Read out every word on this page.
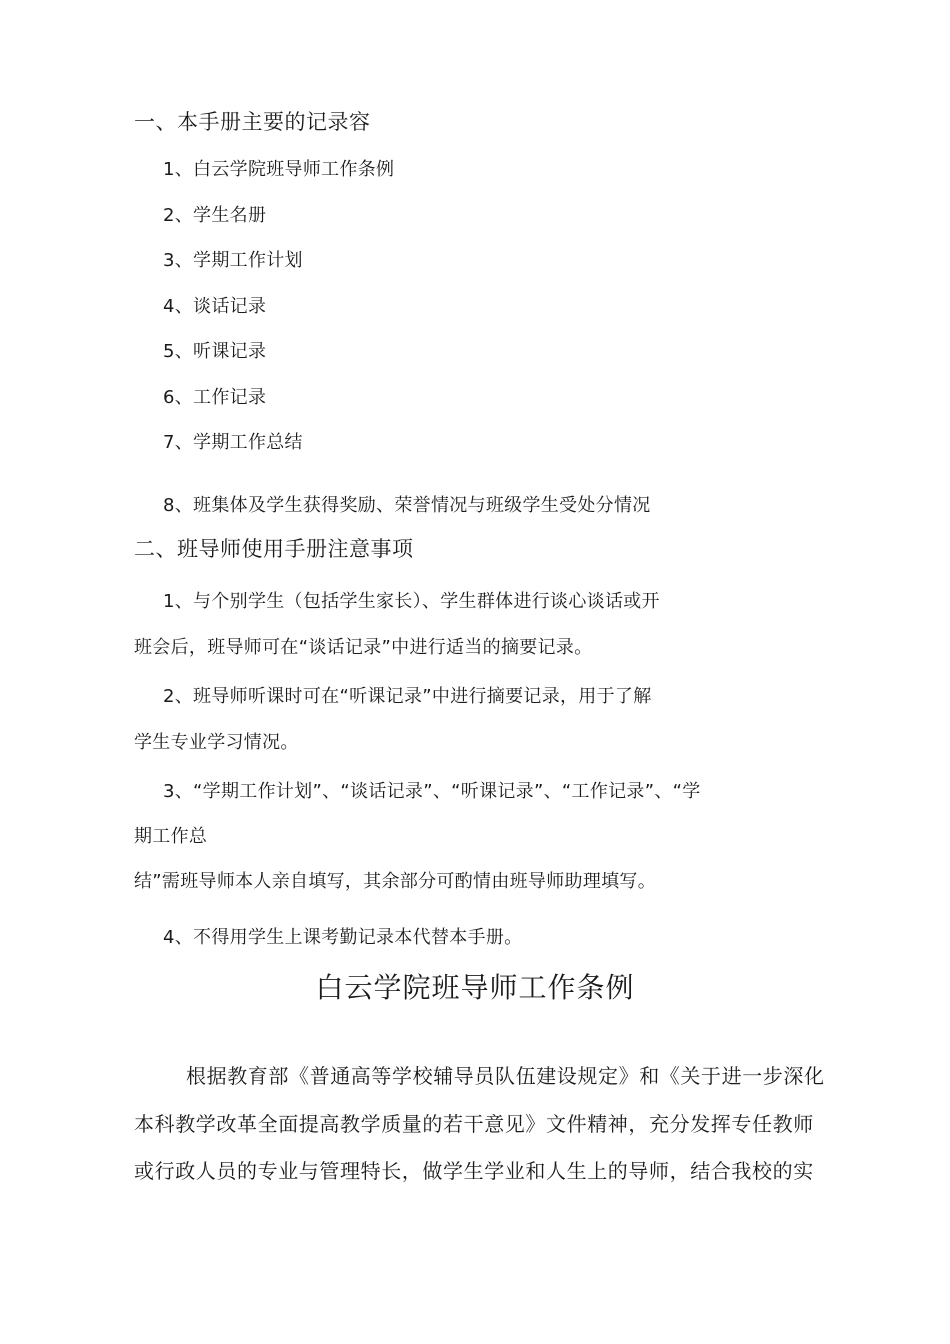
一、本手册主要的记录容
1、白云学院班导师工作条例
2、学生名册
3、学期工作计划
4、谈话记录
5、听课记录
6、工作记录
7、学期工作总结
8、班集体及学生获得奖励、荣誉情况与班级学生受处分情况
二、班导师使用手册注意事项
1、与个别学生（包括学生家长）、学生群体进行谈心谈话或开
班会后，班导师可在“谈话记录”中进行适当的摘要记录。
2、班导师听课时可在“听课记录”中进行摘要记录，用于了解
学生专业学习情况。
3、“学期工作计划”、“谈话记录”、“听课记录”、“工作记录”、“学
期工作总
结”需班导师本人亲自填写，其余部分可酌情由班导师助理填写。
4、不得用学生上课考勤记录本代替本手册。
白云学院班导师工作条例
根据教育部《普通高等学校辅导员队伍建设规定》和《关于进一步深化
本科教学改革全面提高教学质量的若干意见》文件精神，充分发挥专任教师
或行政人员的专业与管理特长，做学生学业和人生上的导师，结合我校的实
